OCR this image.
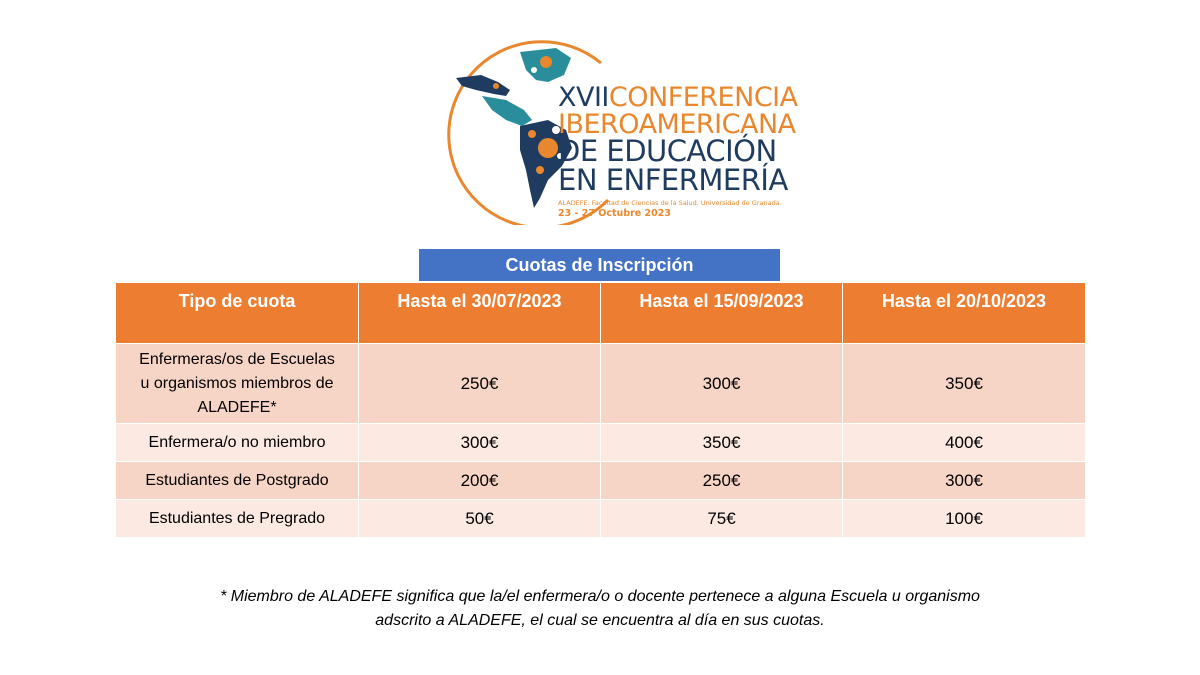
XVIICONFERENCIA
IBEROAMERICANA
DE EDUCACIÓN
EN ENFERMERÍA
ALADEFE. Facultad de Ciencias de la Salud. Universidad de Granada.
23 - 27 Octubre 2023
Cuotas de Inscripción
Tipo de cuota	Hasta el 30/07/2023	Hasta el 15/09/2023	Hasta el 20/10/2023

Enfermeras/os de Escuelas
u organismos miembros de
ALADEFE*	250€	300€	350€
Enfermera/o no miembro	300€	350€	400€
Estudiantes de Postgrado	200€	250€	300€
Estudiantes de Pregrado	50€	75€	100€
* Miembro de ALADEFE significa que la/el enfermera/o o docente pertenece a alguna Escuela u organismo
adscrito a ALADEFE, el cual se encuentra al día en sus cuotas.
